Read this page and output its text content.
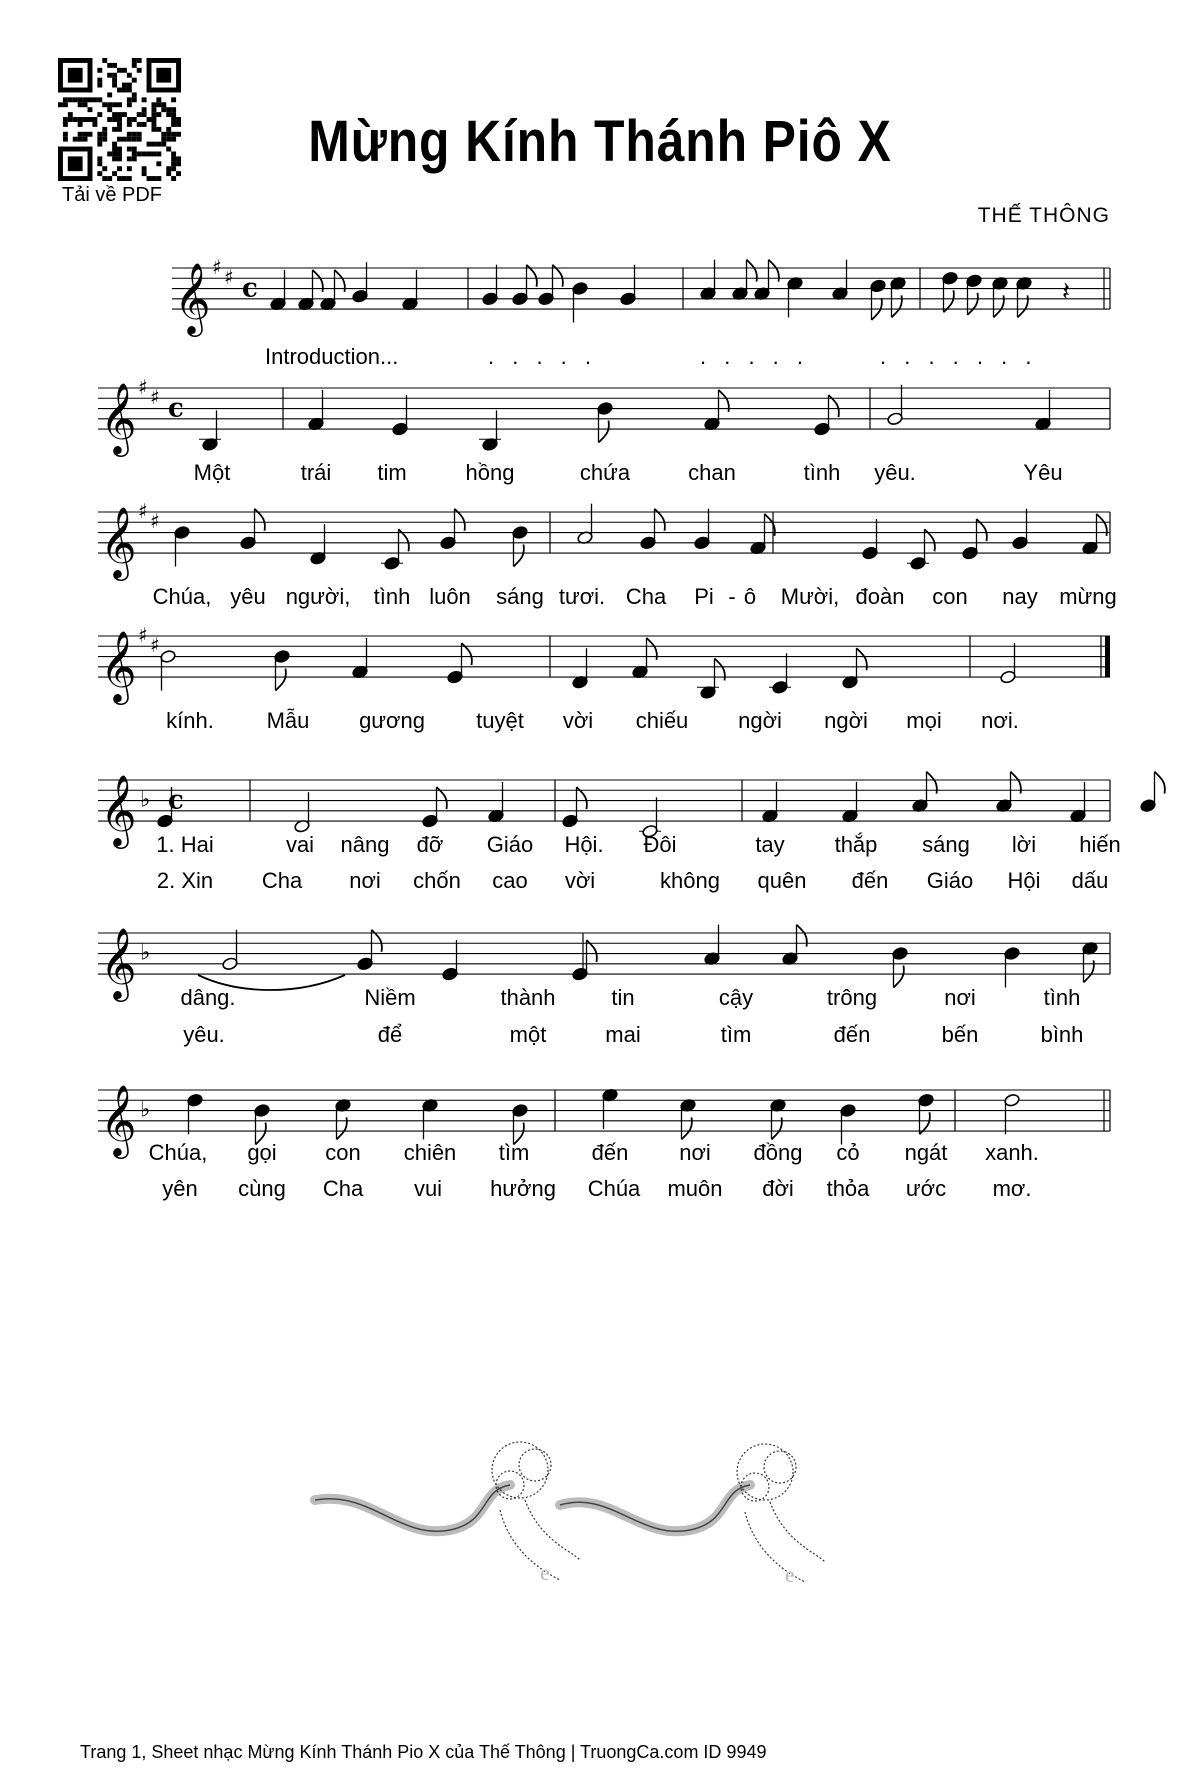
Tải về PDF
Mừng Kính Thánh Piô X
THẾ THÔNG
𝄞 ♯ ♯ c
𝄞 ♯ ♯ c
𝄞 ♯ ♯
𝄞 ♯ ♯
𝄞 ♭ c
𝄞 ♭
𝄞 ♭
𝄽
Introduction...	. . . . .	. . . . .	. . . . . . .
Một	trái tim	hồng	chứa	chan	tình yêu.	Yêu
Chúa, yêu người, tình luôn sáng tươi. Cha Pi - ô Mười, đoàn con nay mừng
kính. Mẫu gương tuyệt vời chiếu ngời ngời mọi nơi.
1. Hai	vai nâng đỡ Giáo Hội. Đôi	tay thắp sáng lời hiến
2. Xin Cha nơi chốn cao vời	không quên đến Giáo Hội dấu
dâng.	Niềm	thành	tin	cậy	trông	nơi	tình
yêu.	để	một	mai	tìm	đến	bến	bình
Chúa, gọi con chiên tìm	đến nơi đồng cỏ ngát xanh.
yên cùng Cha vui hưởng Chúa muôn đời thỏa ước mơ.
e	e
Trang 1, Sheet nhạc Mừng Kính Thánh Pio X của Thế Thông | TruongCa.com ID 9949
